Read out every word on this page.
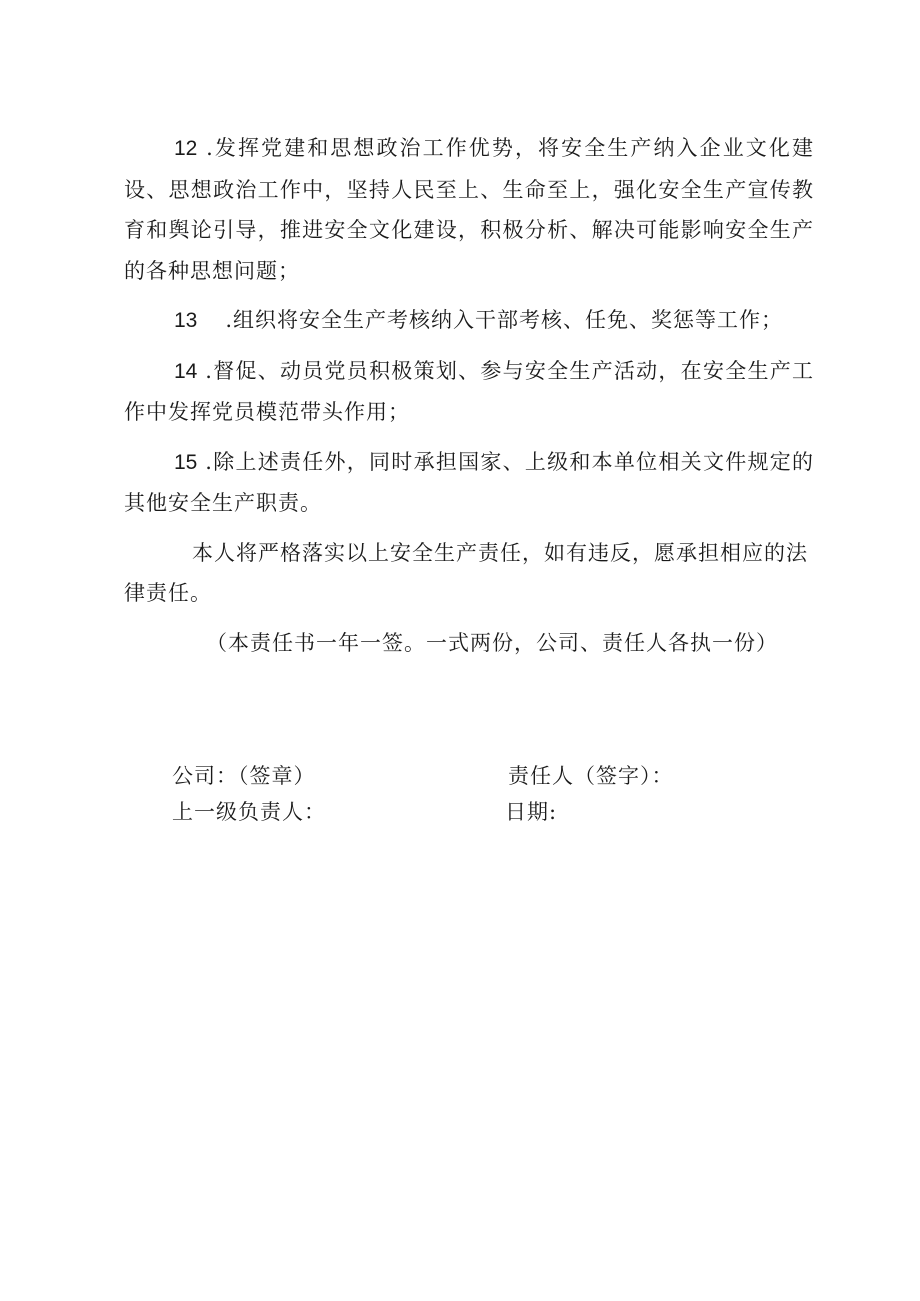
12 .发挥党建和思想政治工作优势，将安全生产纳入企业文化建设、思想政治工作中，坚持人民至上、生命至上，强化安全生产宣传教育和舆论引导，推进安全文化建设，积极分析、解决可能影响安全生产的各种思想问题；

13 .组织将安全生产考核纳入干部考核、任免、奖惩等工作；

14 .督促、动员党员积极策划、参与安全生产活动，在安全生产工作中发挥党员模范带头作用；

15 .除上述责任外，同时承担国家、上级和本单位相关文件规定的其他安全生产职责。

本人将严格落实以上安全生产责任，如有违反，愿承担相应的法律责任。

（本责任书一年一签。一式两份，公司、责任人各执一份）

公司：（签章）	责任人（签字）：
上一级负责人：	日期:
